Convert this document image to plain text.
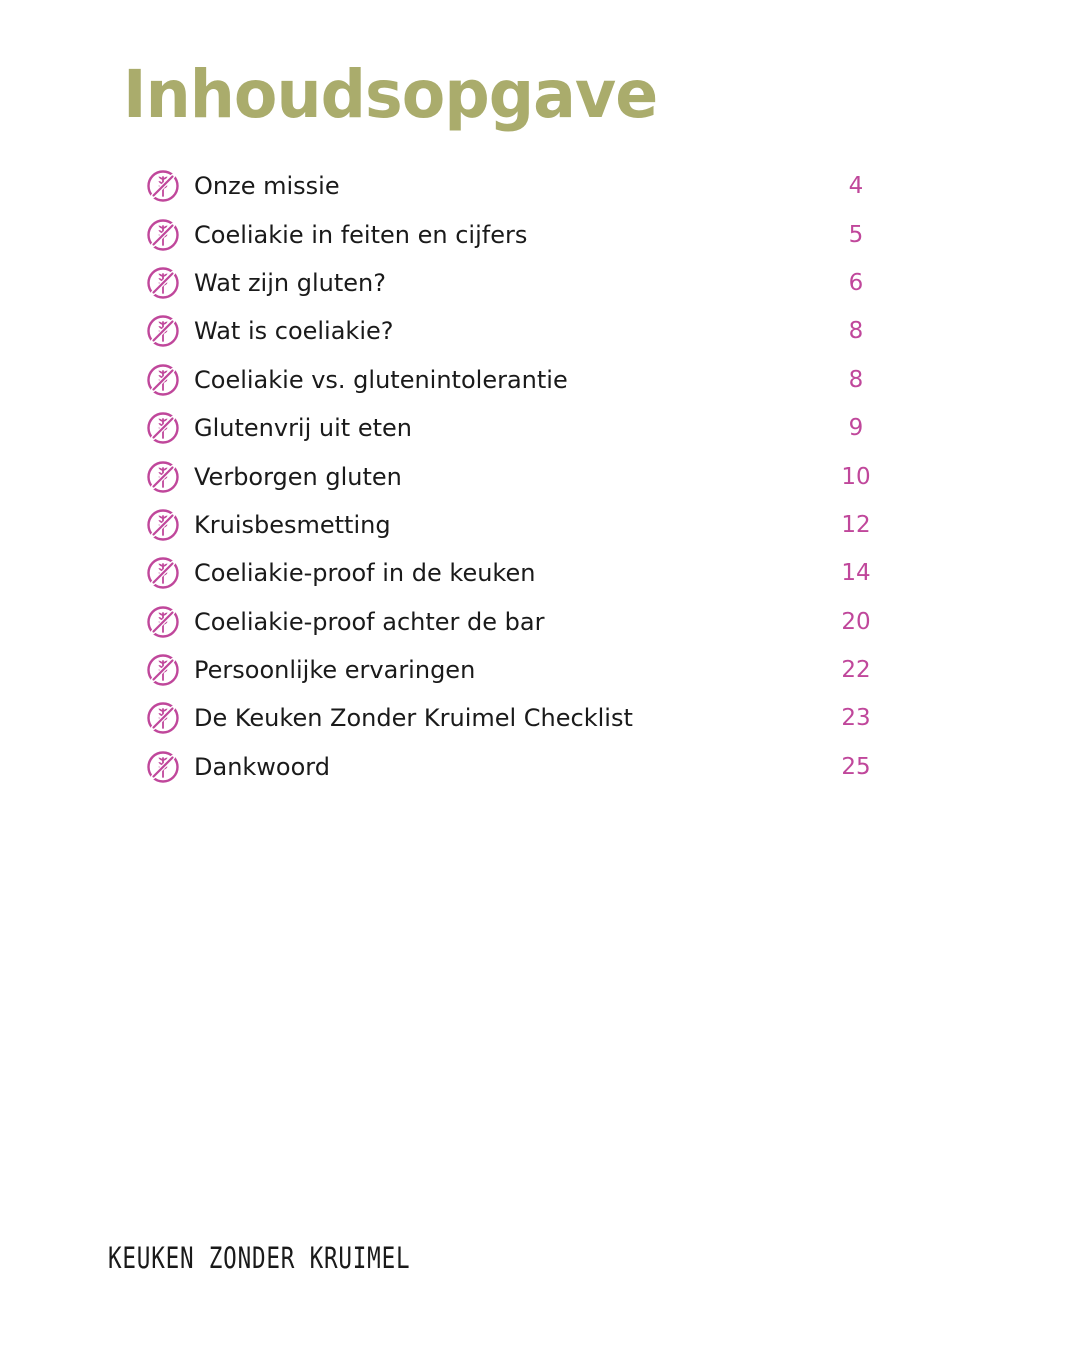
Inhoudsopgave
Onze missie	4
Coeliakie in feiten en cijfers	5
Wat zijn gluten?	6
Wat is coeliakie?	8
Coeliakie vs. glutenintolerantie	8
Glutenvrij uit eten	9
Verborgen gluten	10
Kruisbesmetting	12
Coeliakie-proof in de keuken	14
Coeliakie-proof achter de bar	20
Persoonlijke ervaringen	22
De Keuken Zonder Kruimel Checklist	23
Dankwoord	25
KEUKEN ZONDER KRUIMEL
